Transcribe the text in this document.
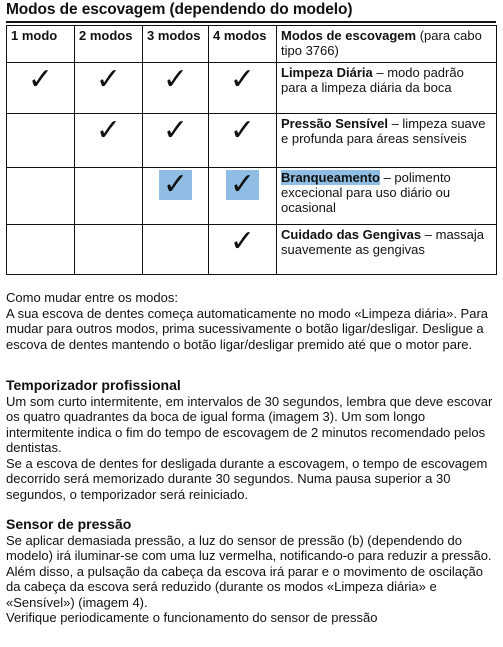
Modos de escovagem (dependendo do modelo)
1 modo	2 modos	3 modos	4 modos	Modos de escovagem (para cabo tipo 3766)
✓	✓	✓	✓	Limpeza Diária – modo padrão para a limpeza diária da boca
	✓	✓	✓	Pressão Sensível – limpeza suave e profunda para áreas sensíveis
		✓	✓	Branqueamento – polimento excecional para uso diário ou ocasional
			✓	Cuidado das Gengivas – massaja suavemente as gengivas

Como mudar entre os modos:

A sua escova de dentes começa automaticamente no modo «Limpeza diária». Para mudar para outros modos, prima sucessivamente o botão ligar/desligar. Desligue a escova de dentes mantendo o botão ligar/desligar premido até que o motor pare.

Temporizador profissional

Um som curto intermitente, em intervalos de 30 segundos, lembra que deve escovar os quatro quadrantes da boca de igual forma (imagem 3). Um som longo intermitente indica o fim do tempo de escovagem de 2 minutos recomendado pelos dentistas.

Se a escova de dentes for desligada durante a escovagem, o tempo de escovagem decorrido será memorizado durante 30 segundos. Numa pausa superior a 30 segundos, o temporizador será reiniciado.

Sensor de pressão

Se aplicar demasiada pressão, a luz do sensor de pressão (b) (dependendo do modelo) irá iluminar-se com uma luz vermelha, notificando-o para reduzir a pressão. Além disso, a pulsação da cabeça da escova irá parar e o movimento de oscilação da cabeça da escova será reduzido (durante os modos «Limpeza diária» e «Sensível») (imagem 4).

Verifique periodicamente o funcionamento do sensor de pressão
